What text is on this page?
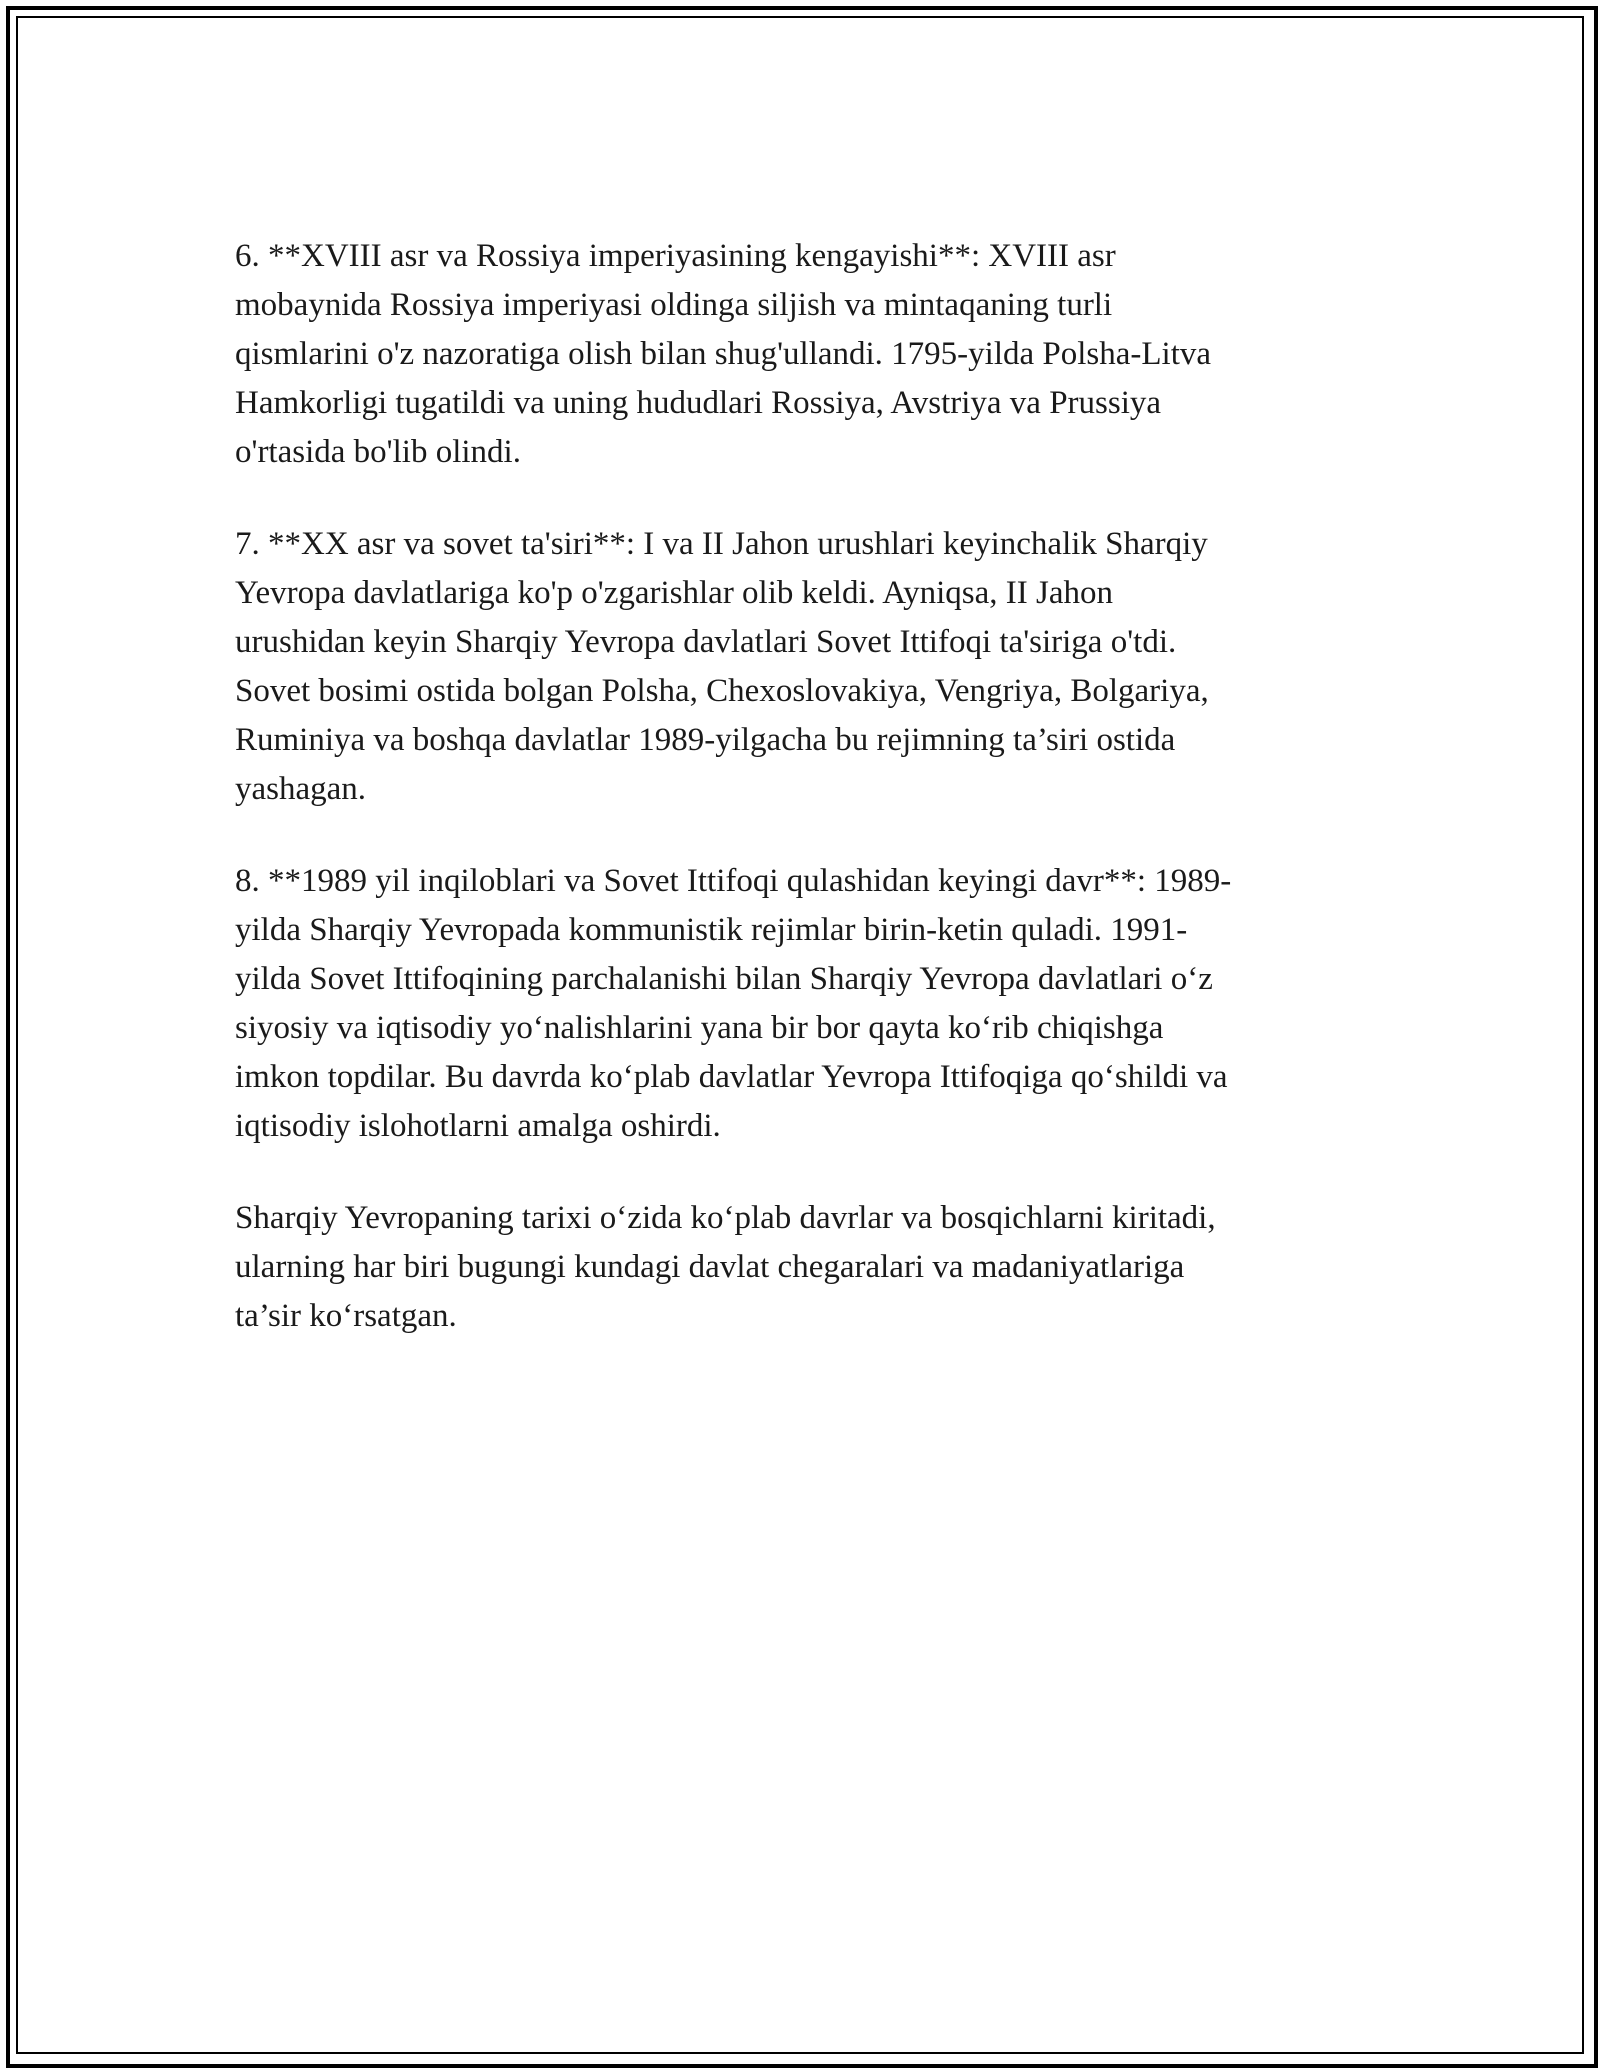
6. **XVIII asr va Rossiya imperiyasining kengayishi**: XVIII asr
mobaynida Rossiya imperiyasi oldinga siljish va mintaqaning turli
qismlarini o'z nazoratiga olish bilan shug'ullandi. 1795-yilda Polsha-Litva
Hamkorligi tugatildi va uning hududlari Rossiya, Avstriya va Prussiya
o'rtasida bo'lib olindi.

7. **XX asr va sovet ta'siri**: I va II Jahon urushlari keyinchalik Sharqiy
Yevropa davlatlariga ko'p o'zgarishlar olib keldi. Ayniqsa, II Jahon
urushidan keyin Sharqiy Yevropa davlatlari Sovet Ittifoqi ta'siriga o'tdi.
Sovet bosimi ostida bolgan Polsha, Chexoslovakiya, Vengriya, Bolgariya,
Ruminiya va boshqa davlatlar 1989-yilgacha bu rejimning ta’siri ostida
yashagan.

8. **1989 yil inqiloblari va Sovet Ittifoqi qulashidan keyingi davr**: 1989-
yilda Sharqiy Yevropada kommunistik rejimlar birin-ketin quladi. 1991-
yilda Sovet Ittifoqining parchalanishi bilan Sharqiy Yevropa davlatlari o‘z
siyosiy va iqtisodiy yo‘nalishlarini yana bir bor qayta ko‘rib chiqishga
imkon topdilar. Bu davrda ko‘plab davlatlar Yevropa Ittifoqiga qo‘shildi va
iqtisodiy islohotlarni amalga oshirdi.

Sharqiy Yevropaning tarixi o‘zida ko‘plab davrlar va bosqichlarni kiritadi,
ularning har biri bugungi kundagi davlat chegaralari va madaniyatlariga
ta’sir ko‘rsatgan.
